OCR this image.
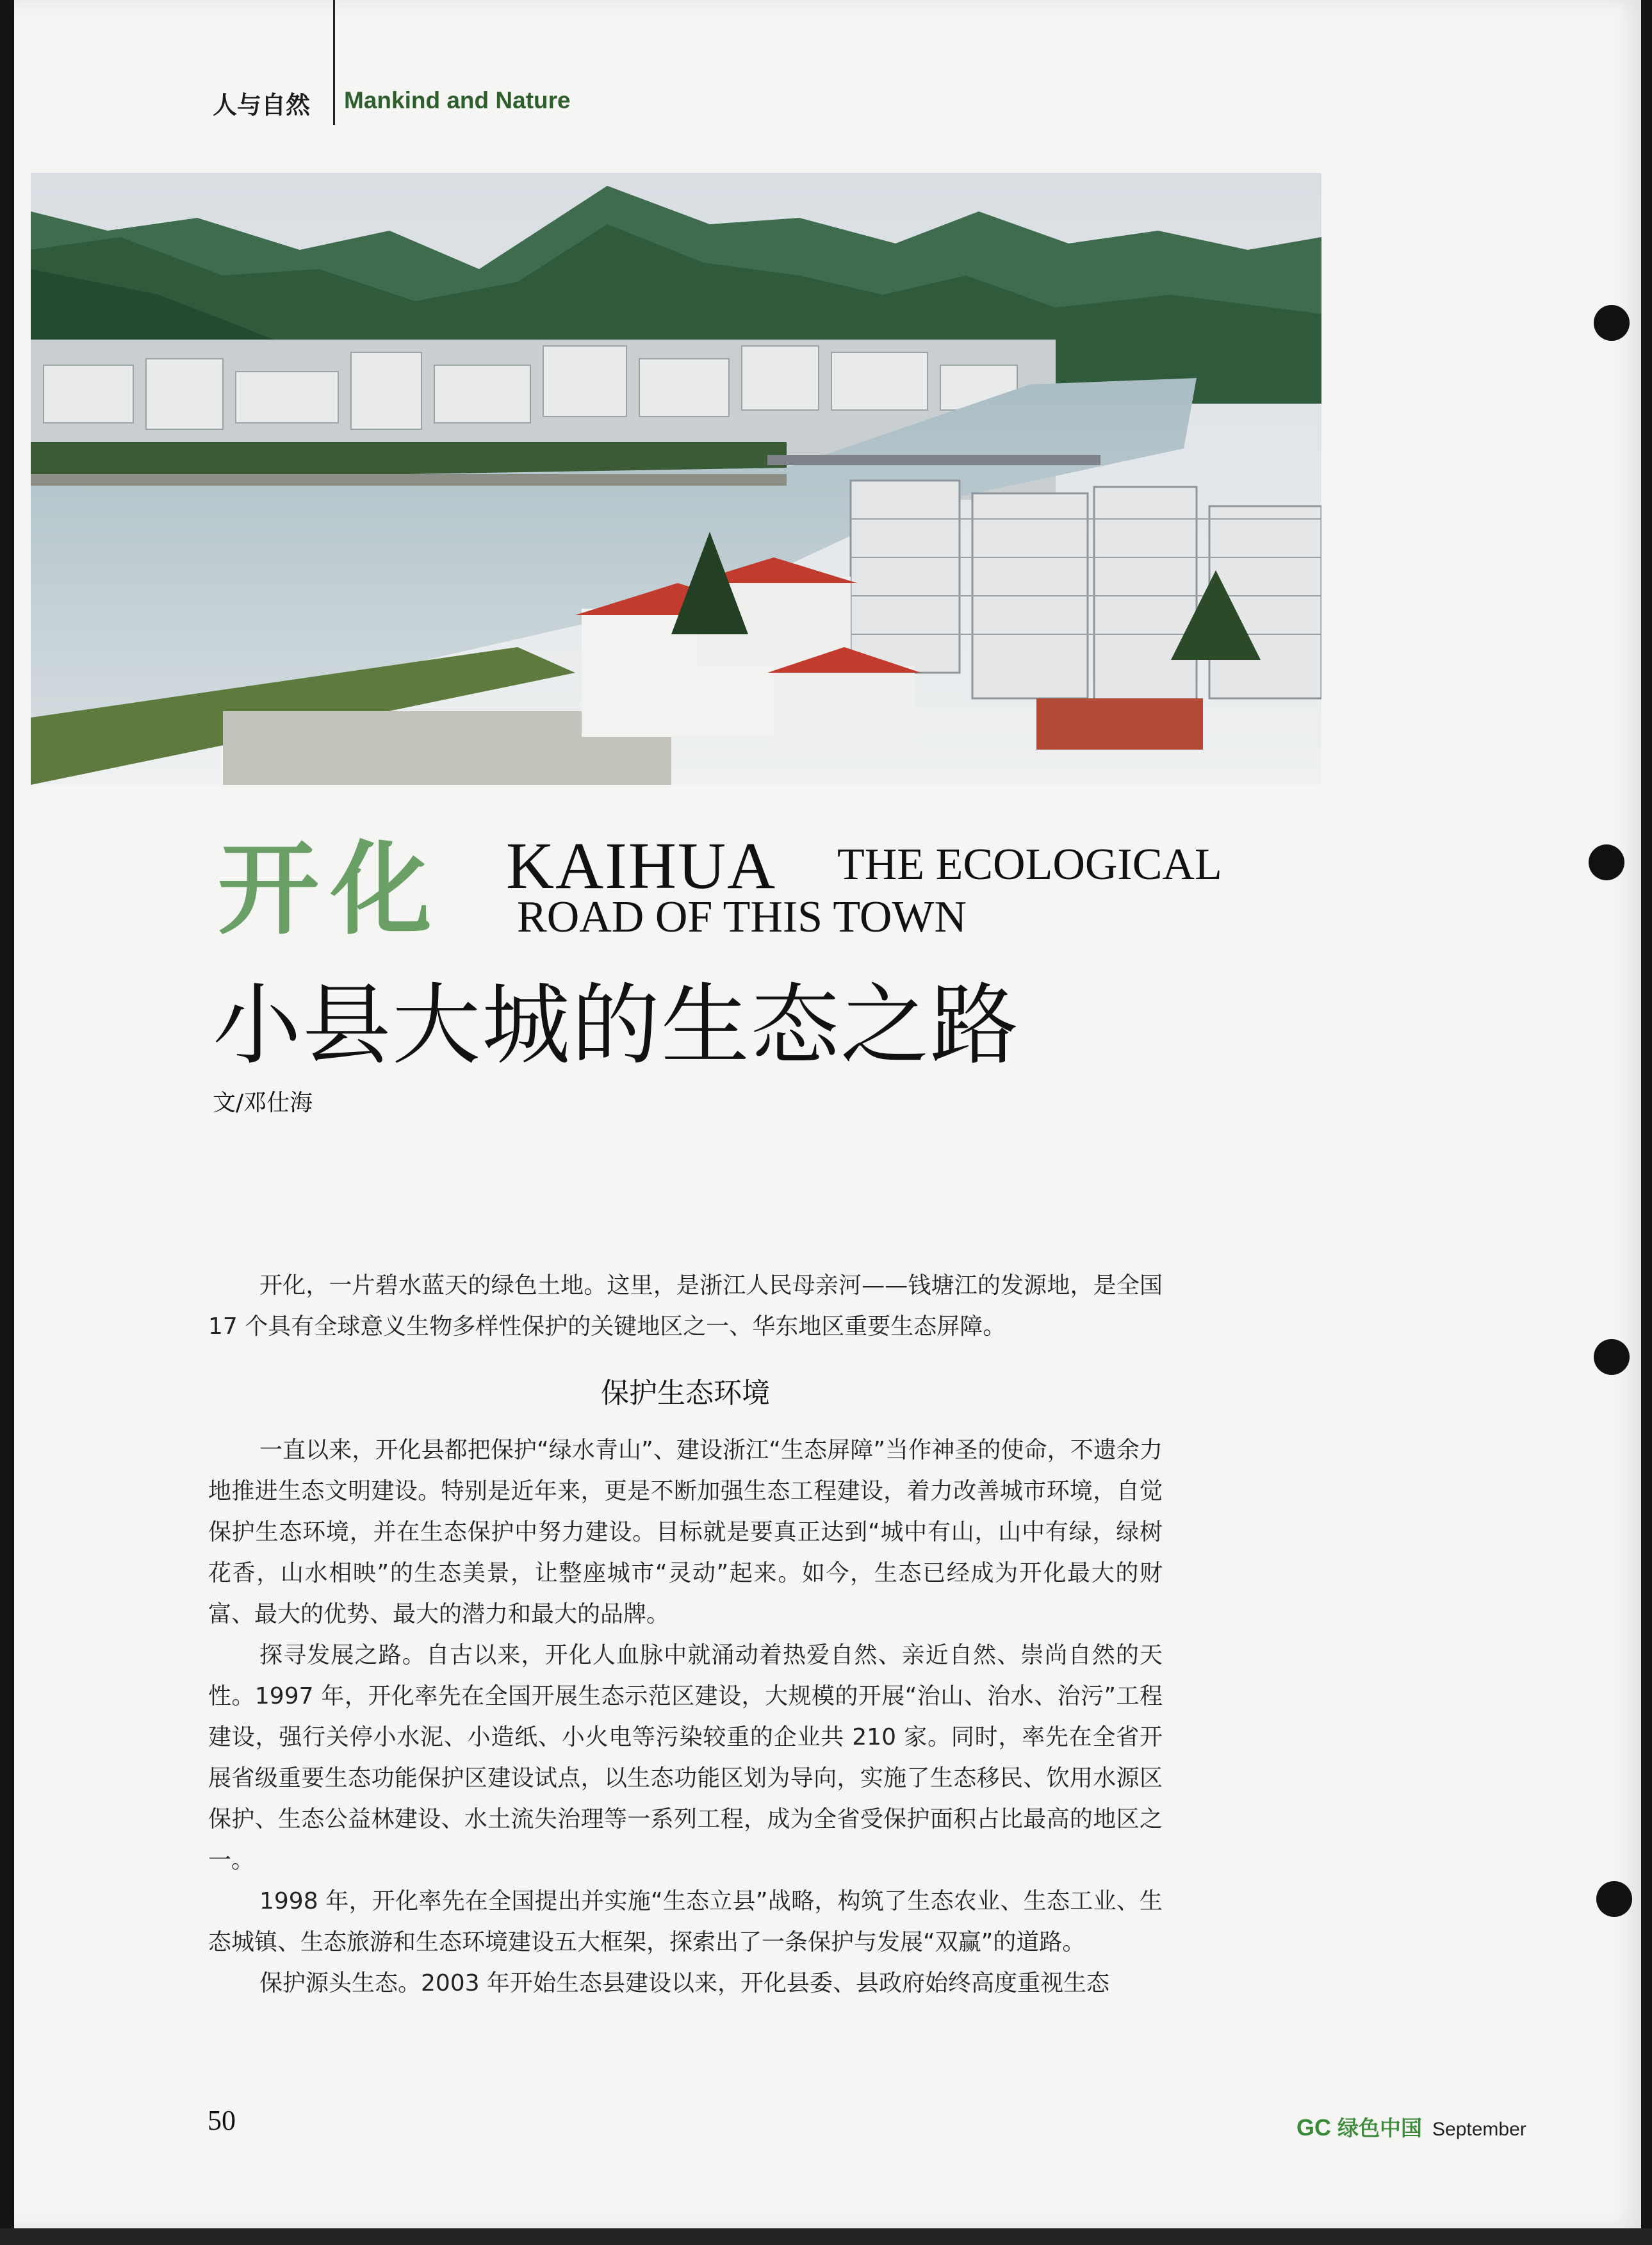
人与自然 Mankind and Nature
开化 KAIHUA THE ECOLOGICAL
ROAD OF THIS TOWN
小县大城的生态之路
文/邓仕海

开化，一片碧水蓝天的绿色土地。这里，是浙江人民母亲河——钱塘江的发源地，是全国 17 个具有全球意义生物多样性保护的关键地区之一、华东地区重要生态屏障。

保护生态环境

一直以来，开化县都把保护“绿水青山”、建设浙江“生态屏障”当作神圣的使命，不遗余力地推进生态文明建设。特别是近年来，更是不断加强生态工程建设，着力改善城市环境，自觉保护生态环境，并在生态保护中努力建设。目标就是要真正达到“城中有山，山中有绿，绿树花香，山水相映”的生态美景，让整座城市“灵动”起来。如今，生态已经成为开化最大的财富、最大的优势、最大的潜力和最大的品牌。

探寻发展之路。自古以来，开化人血脉中就涌动着热爱自然、亲近自然、崇尚自然的天性。1997 年，开化率先在全国开展生态示范区建设，大规模的开展“治山、治水、治污”工程建设，强行关停小水泥、小造纸、小火电等污染较重的企业共 210 家。同时，率先在全省开展省级重要生态功能保护区建设试点，以生态功能区划为导向，实施了生态移民、饮用水源区保护、生态公益林建设、水土流失治理等一系列工程，成为全省受保护面积占比最高的地区之一。

1998 年，开化率先在全国提出并实施“生态立县”战略，构筑了生态农业、生态工业、生态城镇、生态旅游和生态环境建设五大框架，探索出了一条保护与发展“双赢”的道路。

保护源头生态。2003 年开始生态县建设以来，开化县委、县政府始终高度重视生态

50	GC 绿色中国 September
